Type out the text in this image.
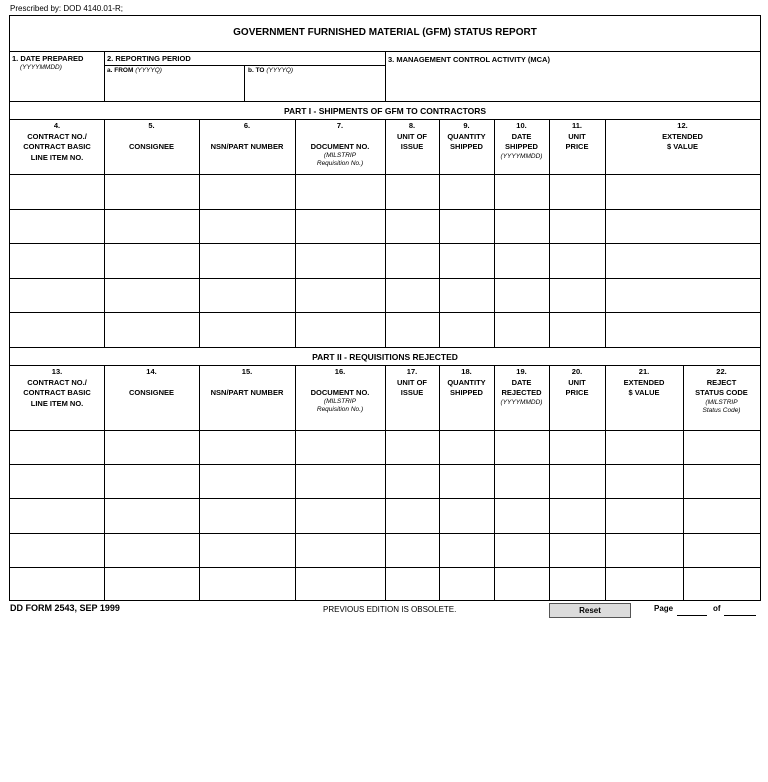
Prescribed by: DOD 4140.01-R;
GOVERNMENT FURNISHED MATERIAL (GFM) STATUS REPORT
1. DATE PREPARED
(YYYYMMDD)
2. REPORTING PERIOD
a. FROM (YYYYQ)	b. TO (YYYYQ)
3. MANAGEMENT CONTROL ACTIVITY (MCA)
PART I - SHIPMENTS OF GFM TO CONTRACTORS
4.
CONTRACT NO./
CONTRACT BASIC
LINE ITEM NO.
5.
CONSIGNEE
6.
NSN/PART NUMBER
7.
DOCUMENT NO.
(MILSTRIP
Requisition No.)
8.
UNIT OF
ISSUE
9.
QUANTITY
SHIPPED
10.
DATE
SHIPPED
(YYYYMMDD)
11.
UNIT
PRICE
12.
EXTENDED
$ VALUE
PART II - REQUISITIONS REJECTED
13.
CONTRACT NO./
CONTRACT BASIC
LINE ITEM NO.
14.
CONSIGNEE
15.
NSN/PART NUMBER
16.
DOCUMENT NO.
(MILSTRIP
Requisition No.)
17.
UNIT OF
ISSUE
18.
QUANTITY
SHIPPED
19.
DATE
REJECTED
(YYYYMMDD)
20.
UNIT
PRICE
21.
EXTENDED
$ VALUE
22.
REJECT
STATUS CODE
(MILSTRIP
Status Code)
DD FORM 2543, SEP 1999	PREVIOUS EDITION IS OBSOLETE.	Reset	Page	of
